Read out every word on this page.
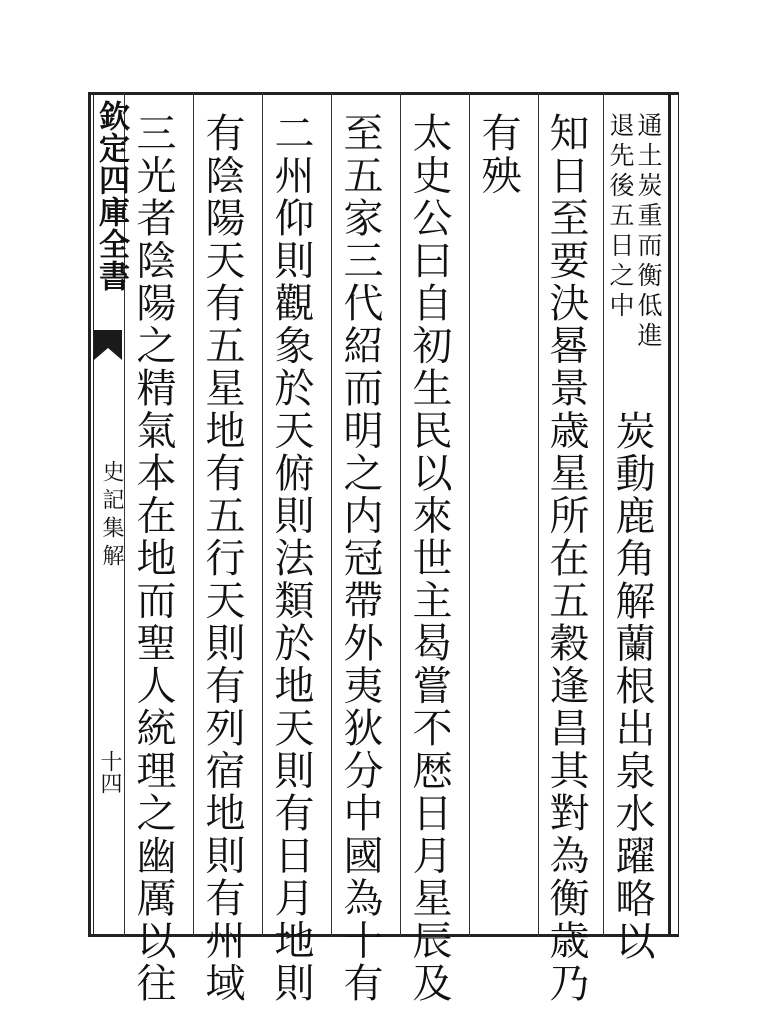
欽定四庫全書
史記集解
十四
通土炭重而衡低進
退先後五日之中
炭動鹿角解蘭根出泉水躍略以
知日至要決晷景歳星所在五穀逢昌其對為衡歳乃
有殃
太史公曰自初生民以來世主曷嘗不厯日月星辰及
至五家三代紹而明之内冠帶外夷狄分中國為十有
二州仰則觀象於天俯則法類於地天則有日月地則
有陰陽天有五星地有五行天則有列宿地則有州域
三光者陰陽之精氣本在地而聖人統理之幽厲以往
